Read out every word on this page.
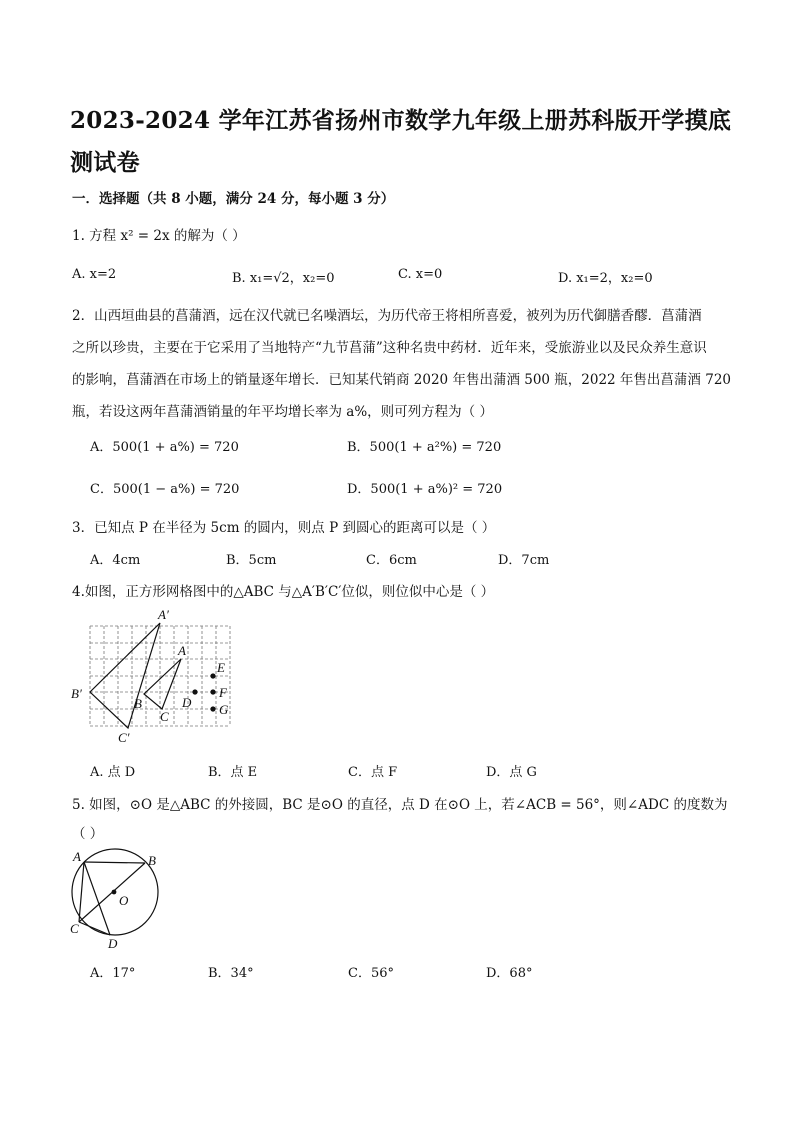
2023-2024 学年江苏省扬州市数学九年级上册苏科版开学摸底
测试卷
一．选择题（共 8 小题，满分 24 分，每小题 3 分）
1. 方程 x² = 2x 的解为（ ）
A. x=2	B. x₁=√2，x₂=0	C. x=0	D. x₁=2，x₂=0
2．山西垣曲县的菖蒲酒，远在汉代就已名噪酒坛，为历代帝王将相所喜爱，被列为历代御膳香醪．菖蒲酒
之所以珍贵，主要在于它采用了当地特产“九节菖蒲”这种名贵中药材．近年来，受旅游业以及民众养生意识
的影响，菖蒲酒在市场上的销量逐年增长．已知某代销商 2020 年售出蒲酒 500 瓶，2022 年售出菖蒲酒 720
瓶，若设这两年菖蒲酒销量的年平均增长率为 a%，则可列方程为（ ）
A．500(1 + a%) = 720	B．500(1 + a²%) = 720
C．500(1 − a%) = 720	D．500(1 + a%)² = 720
3．已知点 P 在半径为 5cm 的圆内，则点 P 到圆心的距离可以是（ ）
A．4cm	B．5cm	C．6cm	D．7cm
4.如图，正方形网格图中的△ABC 与△A′B′C′位似，则位似中心是（ ）
A′
A
B′
B
C
C′
D
E
F
G
A. 点 D	B．点 E	C．点 F	D．点 G
5. 如图，⊙O 是△ABC 的外接圆，BC 是⊙O 的直径，点 D 在⊙O 上，若∠ACB = 56°，则∠ADC 的度数为
（ ）
A	B
O
C
D
A．17°	B．34°	C．56°	D．68°
